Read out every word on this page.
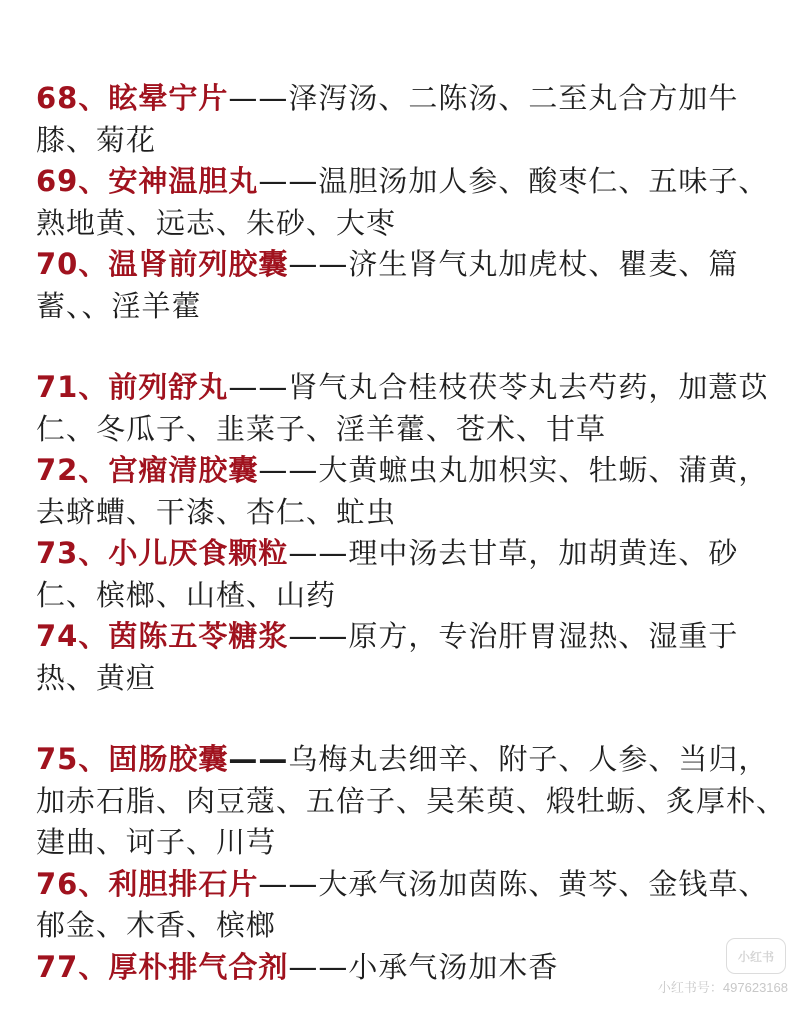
68、眩晕宁片——泽泻汤、二陈汤、二至丸合方加牛膝、菊花

69、安神温胆丸——温胆汤加人参、酸枣仁、五味子、熟地黄、远志、朱砂、大枣

70、温肾前列胶囊——济生肾气丸加虎杖、瞿麦、篇蓄、、淫羊藿

71、前列舒丸——肾气丸合桂枝茯苓丸去芍药，加薏苡仁、冬瓜子、韭菜子、淫羊藿、苍术、甘草

72、宫瘤清胶囊——大黄蟅虫丸加枳实、牡蛎、蒲黄，去蛴螬、干漆、杏仁、虻虫

73、小儿厌食颗粒——理中汤去甘草，加胡黄连、砂仁、槟榔、山楂、山药

74、茵陈五苓糖浆——原方，专治肝胃湿热、湿重于热、黄疸

75、固肠胶囊——乌梅丸去细辛、附子、人参、当归，加赤石脂、肉豆蔻、五倍子、吴茱萸、煅牡蛎、炙厚朴、建曲、诃子、川芎

76、利胆排石片——大承气汤加茵陈、黄芩、金钱草、郁金、木香、槟榔

77、厚朴排气合剂——小承气汤加木香	小红书
小红书号：497623168
